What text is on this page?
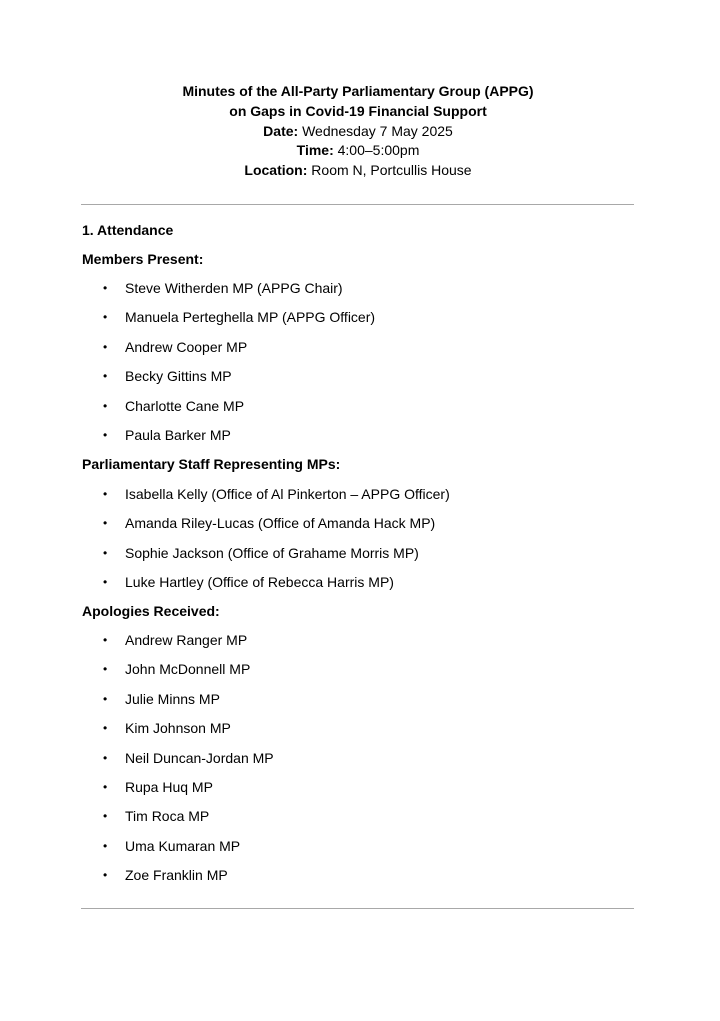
Minutes of the All-Party Parliamentary Group (APPG)
on Gaps in Covid-19 Financial Support
Date: Wednesday 7 May 2025
Time: 4:00–5:00pm
Location: Room N, Portcullis House
1. Attendance
Members Present:
• Steve Witherden MP (APPG Chair)
• Manuela Perteghella MP (APPG Officer)
• Andrew Cooper MP
• Becky Gittins MP
• Charlotte Cane MP
• Paula Barker MP
Parliamentary Staff Representing MPs:
• Isabella Kelly (Office of Al Pinkerton – APPG Officer)
• Amanda Riley-Lucas (Office of Amanda Hack MP)
• Sophie Jackson (Office of Grahame Morris MP)
• Luke Hartley (Office of Rebecca Harris MP)
Apologies Received:
• Andrew Ranger MP
• John McDonnell MP
• Julie Minns MP
• Kim Johnson MP
• Neil Duncan-Jordan MP
• Rupa Huq MP
• Tim Roca MP
• Uma Kumaran MP
• Zoe Franklin MP
